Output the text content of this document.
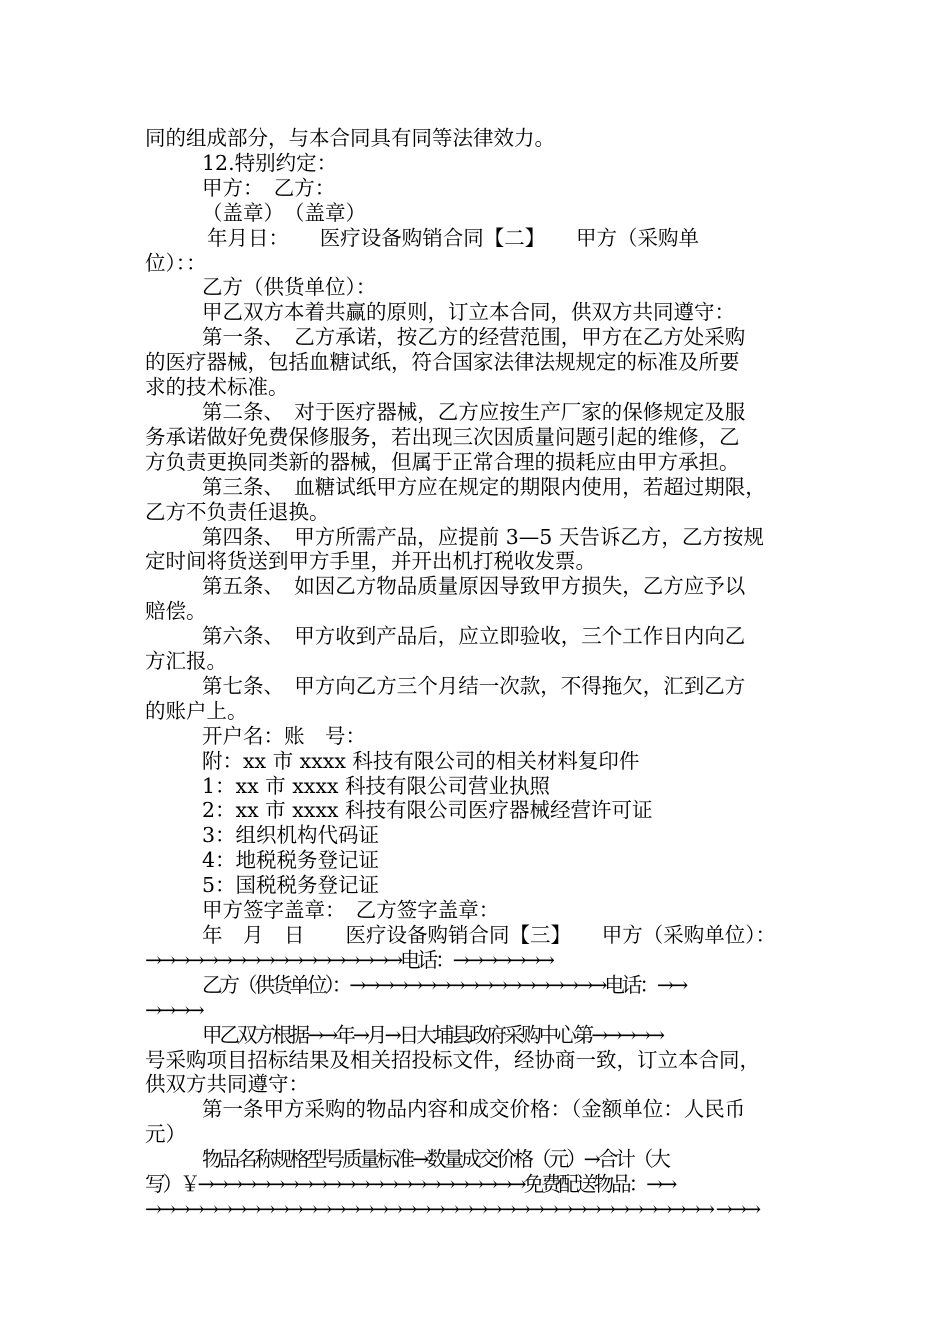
同的组成部分，与本合同具有同等法律效力。

12.特别约定：

甲方：　乙方：

（盖章）　（盖章）

年月日：　　医疗设备购销合同【二】　　甲方（采购单

位）：：

乙方（供货单位）：

甲乙双方本着共赢的原则，订立本合同，供双方共同遵守：

第一条、　乙方承诺，按乙方的经营范围，甲方在乙方处采购

的医疗器械，包括血糖试纸，符合国家法律法规规定的标准及所要

求的技术标准。

第二条、　对于医疗器械，乙方应按生产厂家的保修规定及服

务承诺做好免费保修服务，若出现三次因质量问题引起的维修，乙

方负责更换同类新的器械，但属于正常合理的损耗应由甲方承担。

第三条、　血糖试纸甲方应在规定的期限内使用，若超过期限，

乙方不负责任退换。

第四条、　甲方所需产品，应提前 3—5 天告诉乙方，乙方按规

定时间将货送到甲方手里，并开出机打税收发票。

第五条、　如因乙方物品质量原因导致甲方损失，乙方应予以

赔偿。

第六条、　甲方收到产品后，应立即验收，三个工作日内向乙

方汇报。

第七条、　甲方向乙方三个月结一次款，不得拖欠，汇到乙方

的账户上。

开户名：账　号：

附：xx 市 xxxx 科技有限公司的相关材料复印件

1：xx 市 xxxx 科技有限公司营业执照

2：xx 市 xxxx 科技有限公司医疗器械经营许可证

3：组织机构代码证

4：地税税务登记证

5：国税税务登记证

甲方签字盖章：　乙方签字盖章：

年　月　日　　医疗设备购销合同【三】　　甲方（采购单位）：

→→→→→→→→→→→→→→→→→→电话：→→→→→→→

乙方（供货单位）：→→→→→→→→→→→→→→→→→→电话：→→

→→→→

甲乙双方根据→→年→月→日大埔县政府采购中心第→→→→→

号采购项目招标结果及相关招投标文件，经协商一致，订立本合同，

供双方共同遵守：

第一条甲方采购的物品内容和成交价格：（金额单位：人民币

元）

物品名称规格型号质量标准→数量成交价格（元）→合计（大

写）￥→→→→→→→→→→→→→→→→→→→→→→→免费配送物品：→→

→→→→→→→→→→→→→→→→→→→→→→→→→→→→→→→→→→→→→→→→ →→→
